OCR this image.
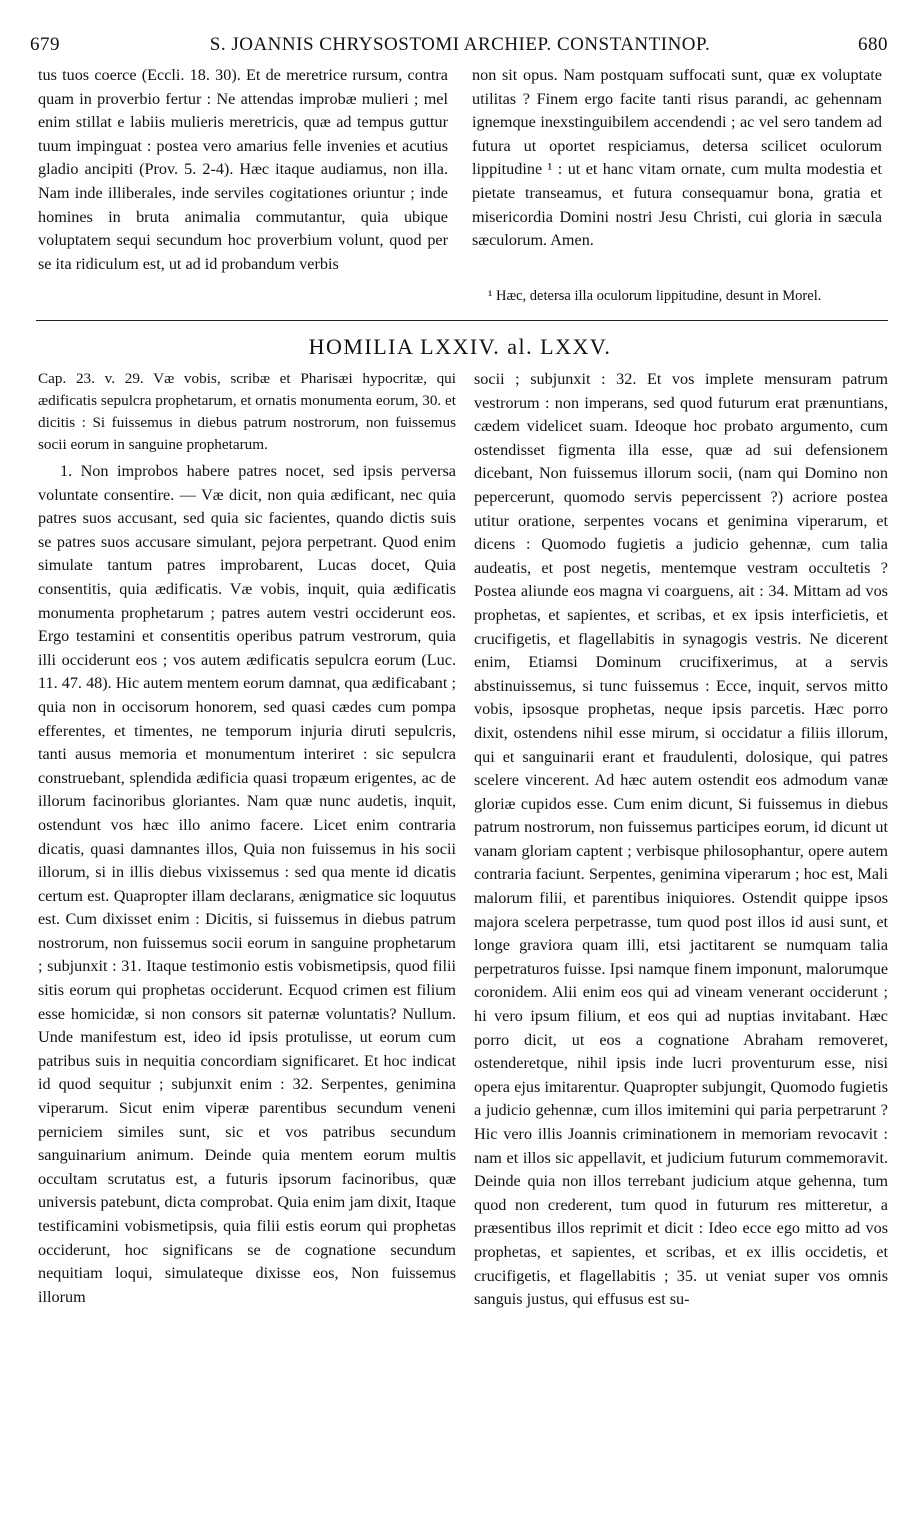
679	S. JOANNIS CHRYSOSTOMI ARCHIEP. CONSTANTINOP.	680

tus tuos coerce (Eccli. 18. 30). Et de meretrice rursum, contra quam in proverbio fertur : Ne attendas improbæ mulieri ; mel enim stillat e labiis mulieris meretricis, quæ ad tempus guttur tuum impinguat : postea vero amarius felle invenies et acutius gladio ancipiti (Prov. 5. 2-4). Hæc itaque audiamus, non illa. Nam inde illiberales, inde serviles cogitationes oriuntur ; inde homines in bruta animalia commutantur, quia ubique voluptatem sequi secundum hoc proverbium volunt, quod per se ita ridiculum est, ut ad id probandum verbis

non sit opus. Nam postquam suffocati sunt, quæ ex voluptate utilitas ? Finem ergo facite tanti risus parandi, ac gehennam ignemque inexstinguibilem accendendi ; ac vel sero tandem ad futura ut oportet respiciamus, detersa scilicet oculorum lippitudine ¹ : ut et hanc vitam ornate, cum multa modestia et pietate transeamus, et futura consequamur bona, gratia et misericordia Domini nostri Jesu Christi, cui gloria in sæcula sæculorum. Amen.

¹ Hæc, detersa illa oculorum lippitudine, desunt in Morel.
HOMILIA LXXIV. al. LXXV.

Cap. 23. v. 29. Væ vobis, scribæ et Pharisæi hypocritæ, qui ædificatis sepulcra prophetarum, et ornatis monumenta eorum, 30. et dicitis : Si fuissemus in diebus patrum nostrorum, non fuissemus socii eorum in sanguine prophetarum.

1. Non improbos habere patres nocet, sed ipsis perversa voluntate consentire. — Væ dicit, non quia ædificant, nec quia patres suos accusant, sed quia sic facientes, quando dictis suis se patres suos accusare simulant, pejora perpetrant. Quod enim simulate tantum patres improbarent, Lucas docet, Quia consentitis, quia ædificatis. Væ vobis, inquit, quia ædificatis monumenta prophetarum ; patres autem vestri occiderunt eos. Ergo testamini et consentitis operibus patrum vestrorum, quia illi occiderunt eos ; vos autem ædificatis sepulcra eorum (Luc. 11. 47. 48). Hic autem mentem eorum damnat, qua ædificabant ; quia non in occisorum honorem, sed quasi cædes cum pompa efferentes, et timentes, ne temporum injuria diruti sepulcris, tanti ausus memoria et monumentum interiret : sic sepulcra construebant, splendida ædificia quasi tropæum erigentes, ac de illorum facinoribus gloriantes. Nam quæ nunc audetis, inquit, ostendunt vos hæc illo animo facere. Licet enim contraria dicatis, quasi damnantes illos, Quia non fuissemus in his socii illorum, si in illis diebus vixissemus : sed qua mente id dicatis certum est. Quapropter illam declarans, ænigmatice sic loquutus est. Cum dixisset enim : Dicitis, si fuissemus in diebus patrum nostrorum, non fuissemus socii eorum in sanguine prophetarum ; subjunxit : 31. Itaque testimonio estis vobismetipsis, quod filii sitis eorum qui prophetas occiderunt. Ecquod crimen est filium esse homicidæ, si non consors sit paternæ voluntatis? Nullum. Unde manifestum est, ideo id ipsis protulisse, ut eorum cum patribus suis in nequitia concordiam significaret. Et hoc indicat id quod sequitur ; subjunxit enim : 32. Serpentes, genimina viperarum. Sicut enim viperæ parentibus secundum veneni perniciem similes sunt, sic et vos patribus secundum sanguinarium animum. Deinde quia mentem eorum multis occultam scrutatus est, a futuris ipsorum facinoribus, quæ universis patebunt, dicta comprobat. Quia enim jam dixit, Itaque testificamini vobismetipsis, quia filii estis eorum qui prophetas occiderunt, hoc significans se de cognatione secundum nequitiam loqui, simulateque dixisse eos, Non fuissemus illorum

socii ; subjunxit : 32. Et vos implete mensuram patrum vestrorum : non imperans, sed quod futurum erat prænuntians, cædem videlicet suam. Ideoque hoc probato argumento, cum ostendisset figmenta illa esse, quæ ad sui defensionem dicebant, Non fuissemus illorum socii, (nam qui Domino non pepercerunt, quomodo servis pepercissent ?) acriore postea utitur oratione, serpentes vocans et genimina viperarum, et dicens : Quomodo fugietis a judicio gehennæ, cum talia audeatis, et post negetis, mentemque vestram occultetis ? Postea aliunde eos magna vi coarguens, ait : 34. Mittam ad vos prophetas, et sapientes, et scribas, et ex ipsis interficietis, et crucifigetis, et flagellabitis in synagogis vestris. Ne dicerent enim, Etiamsi Dominum crucifixerimus, at a servis abstinuissemus, si tunc fuissemus : Ecce, inquit, servos mitto vobis, ipsosque prophetas, neque ipsis parcetis. Hæc porro dixit, ostendens nihil esse mirum, si occidatur a filiis illorum, qui et sanguinarii erant et fraudulenti, dolosique, qui patres scelere vincerent. Ad hæc autem ostendit eos admodum vanæ gloriæ cupidos esse. Cum enim dicunt, Si fuissemus in diebus patrum nostrorum, non fuissemus participes eorum, id dicunt ut vanam gloriam captent ; verbisque philosophantur, opere autem contraria faciunt. Serpentes, genimina viperarum ; hoc est, Mali malorum filii, et parentibus iniquiores. Ostendit quippe ipsos majora scelera perpetrasse, tum quod post illos id ausi sunt, et longe graviora quam illi, etsi jactitarent se numquam talia perpetraturos fuisse. Ipsi namque finem imponunt, malorumque coronidem. Alii enim eos qui ad vineam venerant occiderunt ; hi vero ipsum filium, et eos qui ad nuptias invitabant. Hæc porro dicit, ut eos a cognatione Abraham removeret, ostenderetque, nihil ipsis inde lucri proventurum esse, nisi opera ejus imitarentur. Quapropter subjungit, Quomodo fugietis a judicio gehennæ, cum illos imitemini qui paria perpetrarunt ? Hic vero illis Joannis criminationem in memoriam revocavit : nam et illos sic appellavit, et judicium futurum commemoravit. Deinde quia non illos terrebant judicium atque gehenna, tum quod non crederent, tum quod in futurum res mitteretur, a præsentibus illos reprimit et dicit : Ideo ecce ego mitto ad vos prophetas, et sapientes, et scribas, et ex illis occidetis, et crucifigetis, et flagellabitis ; 35. ut veniat super vos omnis sanguis justus, qui effusus est su-
